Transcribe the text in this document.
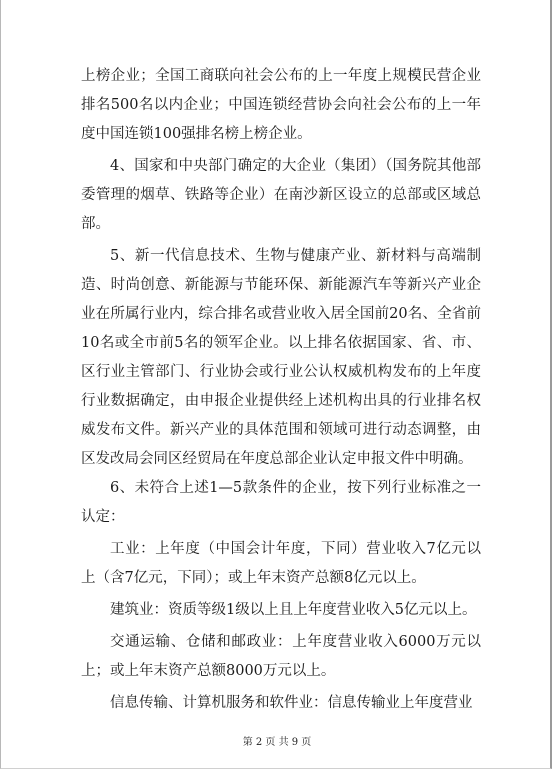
上榜企业；全国工商联向社会公布的上一年度上规模民营企业排名500名以内企业；中国连锁经营协会向社会公布的上一年度中国连锁100强排名榜上榜企业。

4、国家和中央部门确定的大企业（集团）（国务院其他部委管理的烟草、铁路等企业）在南沙新区设立的总部或区域总部。

5、新一代信息技术、生物与健康产业、新材料与高端制造、时尚创意、新能源与节能环保、新能源汽车等新兴产业企业在所属行业内，综合排名或营业收入居全国前20名、全省前10名或全市前5名的领军企业。以上排名依据国家、省、市、区行业主管部门、行业协会或行业公认权威机构发布的上年度行业数据确定，由申报企业提供经上述机构出具的行业排名权威发布文件。新兴产业的具体范围和领域可进行动态调整，由区发改局会同区经贸局在年度总部企业认定申报文件中明确。

6、未符合上述1—5款条件的企业，按下列行业标准之一认定：

工业：上年度（中国会计年度，下同）营业收入7亿元以上（含7亿元，下同）；或上年末资产总额8亿元以上。

建筑业：资质等级1级以上且上年度营业收入5亿元以上。

交通运输、仓储和邮政业：上年度营业收入6000万元以上；或上年末资产总额8000万元以上。

信息传输、计算机服务和软件业：信息传输业上年度营业

第 2 页 共 9 页
